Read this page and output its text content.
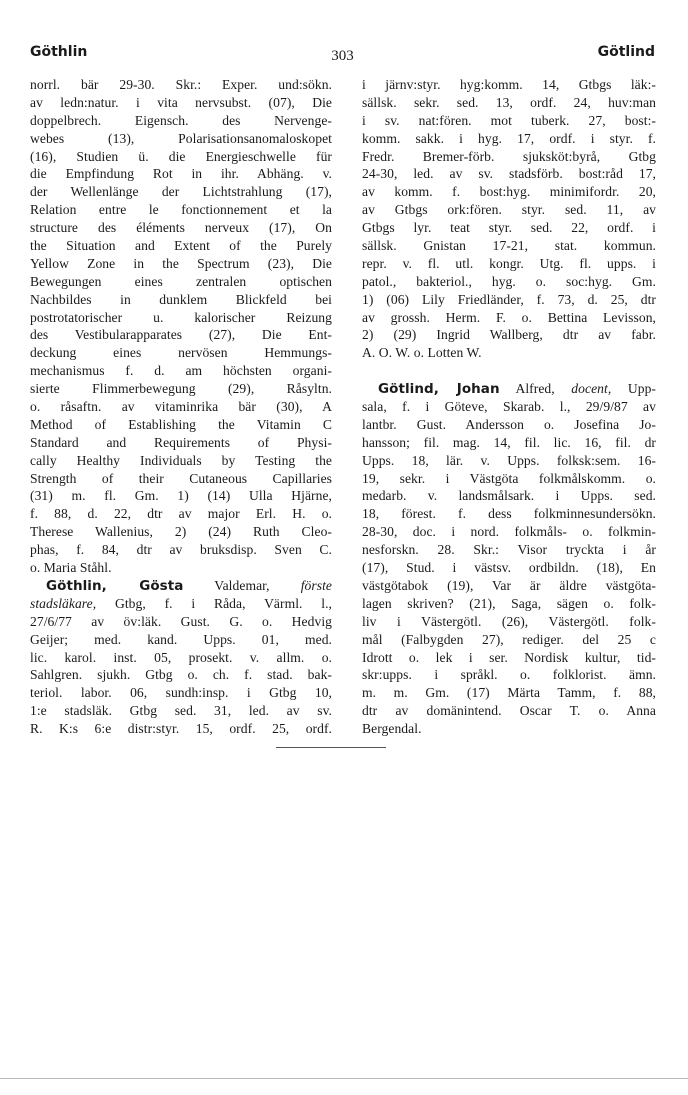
Göthlin	303	Götlind
norrl. bär 29-30. Skr.: Exper. und:sökn.
av ledn:natur. i vita nervsubst. (07), Die
doppelbrech. Eigensch. des Nervenge-
webes (13), Polarisationsanomaloskopet
(16), Studien ü. die Energieschwelle für
die Empfindung Rot in ihr. Abhäng. v.
der Wellenlänge der Lichtstrahlung (17),
Relation entre le fonctionnement et la
structure des éléments nerveux (17), On
the Situation and Extent of the Purely
Yellow Zone in the Spectrum (23), Die
Bewegungen eines zentralen optischen
Nachbildes in dunklem Blickfeld bei
postrotatorischer u. kalorischer Reizung
des Vestibularapparates (27), Die Ent-
deckung eines nervösen Hemmungs-
mechanismus f. d. am höchsten organi-
sierte Flimmerbewegung (29), Råsyltn.
o. råsaftn. av vitaminrika bär (30), A
Method of Establishing the Vitamin C
Standard and Requirements of Physi-
cally Healthy Individuals by Testing the
Strength of their Cutaneous Capillaries
(31) m. fl. Gm. 1) (14) Ulla Hjärne,
f. 88, d. 22, dtr av major Erl. H. o.
Therese Wallenius, 2) (24) Ruth Cleo-
phas, f. 84, dtr av bruksdisp. Sven C.
o. Maria Ståhl.
Göthlin, Gösta Valdemar, förste
stadsläkare, Gtbg, f. i Råda, Värml. l.,
27/6/77 av öv:läk. Gust. G. o. Hedvig
Geijer; med. kand. Upps. 01, med.
lic. karol. inst. 05, prosekt. v. allm. o.
Sahlgren. sjukh. Gtbg o. ch. f. stad. bak-
teriol. labor. 06, sundh:insp. i Gtbg 10,
1:e stadsläk. Gtbg sed. 31, led. av sv.
R. K:s 6:e distr:styr. 15, ordf. 25, ordf.
i järnv:styr. hyg:komm. 14, Gtbgs läk:-
sällsk. sekr. sed. 13, ordf. 24, huv:man
i sv. nat:fören. mot tuberk. 27, bost:-
komm. sakk. i hyg. 17, ordf. i styr. f.
Fredr. Bremer-förb. sjuksköt:byrå, Gtbg
24-30, led. av sv. stadsförb. bost:råd 17,
av komm. f. bost:hyg. minimifordr. 20,
av Gtbgs ork:fören. styr. sed. 11, av
Gtbgs lyr. teat styr. sed. 22, ordf. i
sällsk. Gnistan 17-21, stat. kommun.
repr. v. fl. utl. kongr. Utg. fl. upps. i
patol., bakteriol., hyg. o. soc:hyg. Gm.
1) (06) Lily Friedländer, f. 73, d. 25, dtr
av grossh. Herm. F. o. Bettina Levisson,
2) (29) Ingrid Wallberg, dtr av fabr.
A. O. W. o. Lotten W.
Götlind, Johan Alfred, docent, Upp-
sala, f. i Göteve, Skarab. l., 29/9/87 av
lantbr. Gust. Andersson o. Josefina Jo-
hansson; fil. mag. 14, fil. lic. 16, fil. dr
Upps. 18, lär. v. Upps. folksk:sem. 16-
19, sekr. i Västgöta folkmålskomm. o.
medarb. v. landsmålsark. i Upps. sed.
18, förest. f. dess folkminnesundersökn.
28-30, doc. i nord. folkmåls- o. folkmin-
nesforskn. 28. Skr.: Visor tryckta i år
(17), Stud. i västsv. ordbildn. (18), En
västgötabok (19), Var är äldre västgöta-
lagen skriven? (21), Saga, sägen o. folk-
liv i Västergötl. (26), Västergötl. folk-
mål (Falbygden 27), rediger. del 25 c
Idrott o. lek i ser. Nordisk kultur, tid-
skr:upps. i språkl. o. folklorist. ämn.
m. m. Gm. (17) Märta Tamm, f. 88,
dtr av domänintend. Oscar T. o. Anna
Bergendal.
